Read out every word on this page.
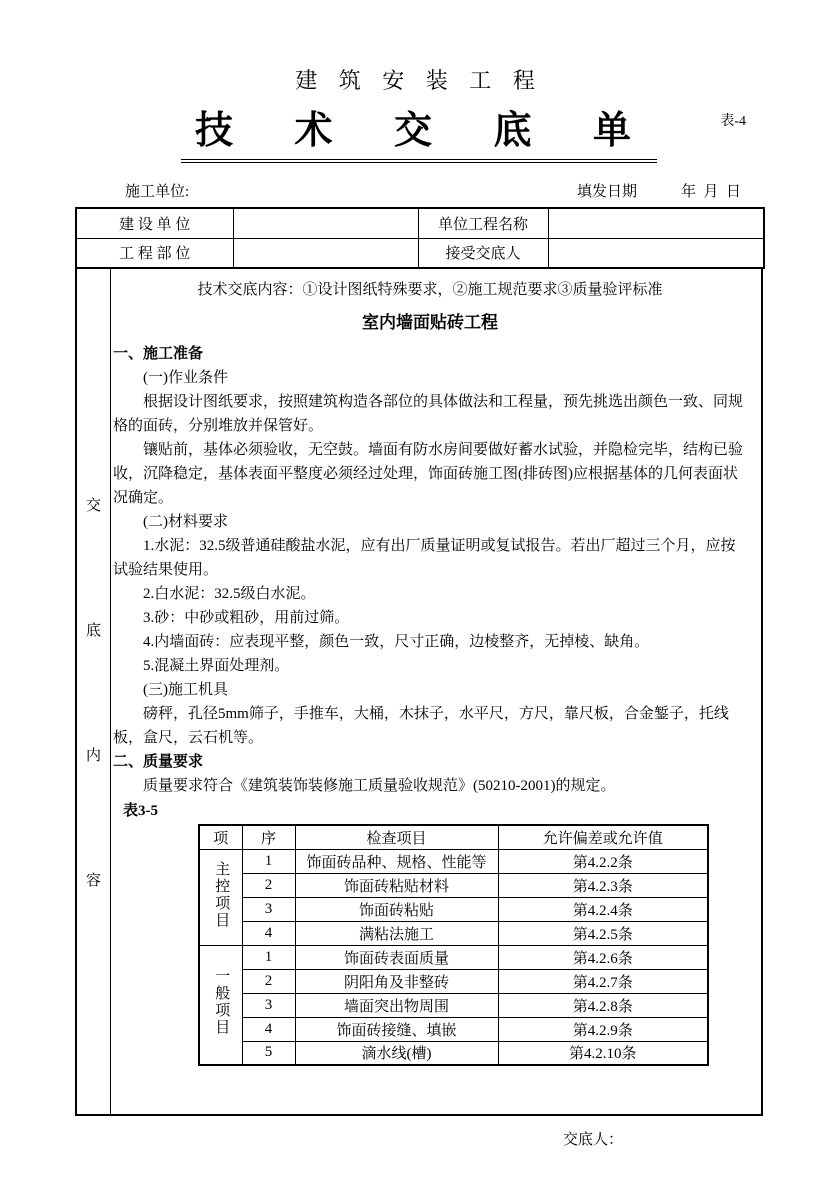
建 筑 安 装 工 程
技 术 交 底 单	表-4
施工单位:	填发日期	年  月  日
建 设 单 位		单位工程名称	
工 程 部 位		接受交底人	
交
底
内
容
技术交底内容：①设计图纸特殊要求，②施工规范要求③质量验评标准
室内墙面贴砖工程
一、施工准备
(一)作业条件
根据设计图纸要求，按照建筑构造各部位的具体做法和工程量，预先挑选出颜色一致、同规格的面砖，分别堆放并保管好。
镶贴前，基体必须验收，无空鼓。墙面有防水房间要做好蓄水试验，并隐检完毕，结构已验收，沉降稳定，基体表面平整度必须经过处理，饰面砖施工图(排砖图)应根据基体的几何表面状况确定。
(二)材料要求
1.水泥：32.5级普通硅酸盐水泥，应有出厂质量证明或复试报告。若出厂超过三个月，应按试验结果使用。
2.白水泥：32.5级白水泥。
3.砂：中砂或粗砂，用前过筛。
4.内墙面砖：应表现平整，颜色一致，尺寸正确，边棱整齐，无掉棱、缺角。
5.混凝土界面处理剂。
(三)施工机具
磅秤，孔径5mm筛子，手推车，大桶，木抹子，水平尺，方尺，靠尺板，合金錾子，托线板，盒尺，云石机等。
二、质量要求
质量要求符合《建筑装饰装修施工质量验收规范》(50210-2001)的规定。
表3-5
项	序	检查项目	允许偏差或允许值
主控项目	1	饰面砖品种、规格、性能等	第4.2.2条
	2	饰面砖粘贴材料	第4.2.3条
	3	饰面砖粘贴	第4.2.4条
	4	满粘法施工	第4.2.5条
一般项目	1	饰面砖表面质量	第4.2.6条
	2	阴阳角及非整砖	第4.2.7条
	3	墙面突出物周围	第4.2.8条
	4	饰面砖接缝、填嵌	第4.2.9条
	5	滴水线(槽)	第4.2.10条
交底人：
